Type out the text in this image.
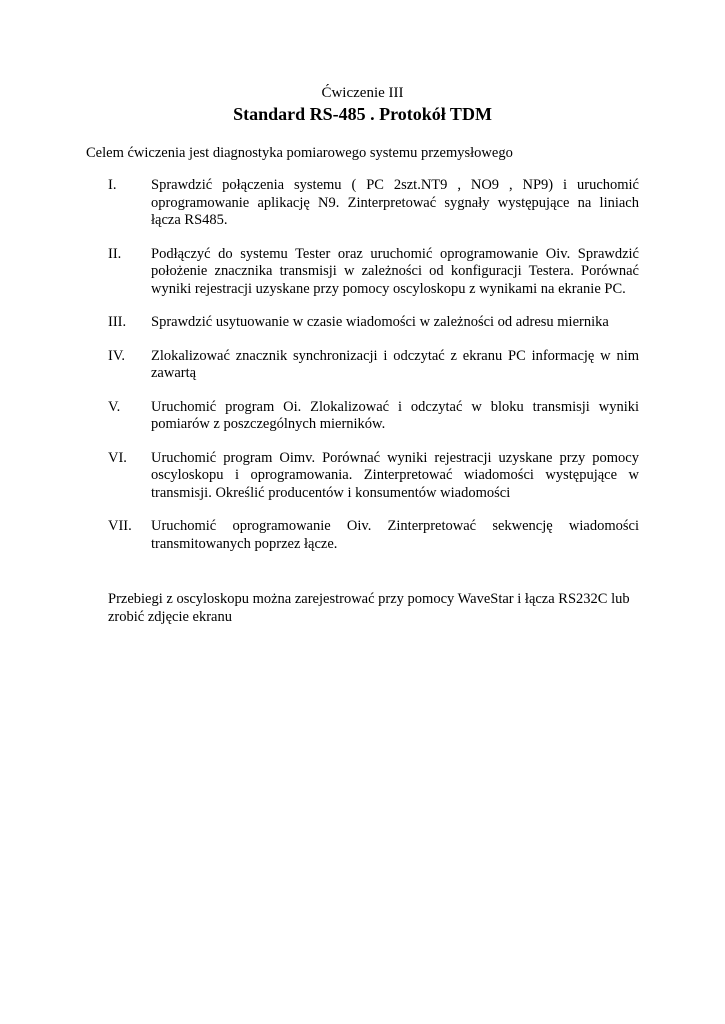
Ćwiczenie III
Standard RS-485 . Protokół TDM
Celem ćwiczenia jest diagnostyka pomiarowego systemu przemysłowego
I. Sprawdzić połączenia systemu ( PC 2szt.NT9 , NO9 , NP9) i uruchomić oprogramowanie aplikację N9. Zinterpretować sygnały występujące na liniach łącza RS485.
II. Podłączyć do systemu Tester oraz uruchomić oprogramowanie Oiv. Sprawdzić położenie znacznika transmisji w zależności od konfiguracji Testera. Porównać wyniki rejestracji uzyskane przy pomocy oscyloskopu z wynikami na ekranie PC.
III. Sprawdzić usytuowanie w czasie wiadomości w zależności od adresu miernika
IV. Zlokalizować znacznik synchronizacji i odczytać z ekranu PC informację w nim zawartą
V. Uruchomić program Oi. Zlokalizować i odczytać w bloku transmisji wyniki pomiarów z poszczególnych mierników.
VI. Uruchomić program Oimv. Porównać wyniki rejestracji uzyskane przy pomocy oscyloskopu i oprogramowania. Zinterpretować wiadomości występujące w transmisji. Określić producentów i konsumentów wiadomości
VII. Uruchomić oprogramowanie Oiv. Zinterpretować sekwencję wiadomości transmitowanych poprzez łącze.
Przebiegi z oscyloskopu można zarejestrować przy pomocy WaveStar i łącza RS232C lub zrobić zdjęcie ekranu
